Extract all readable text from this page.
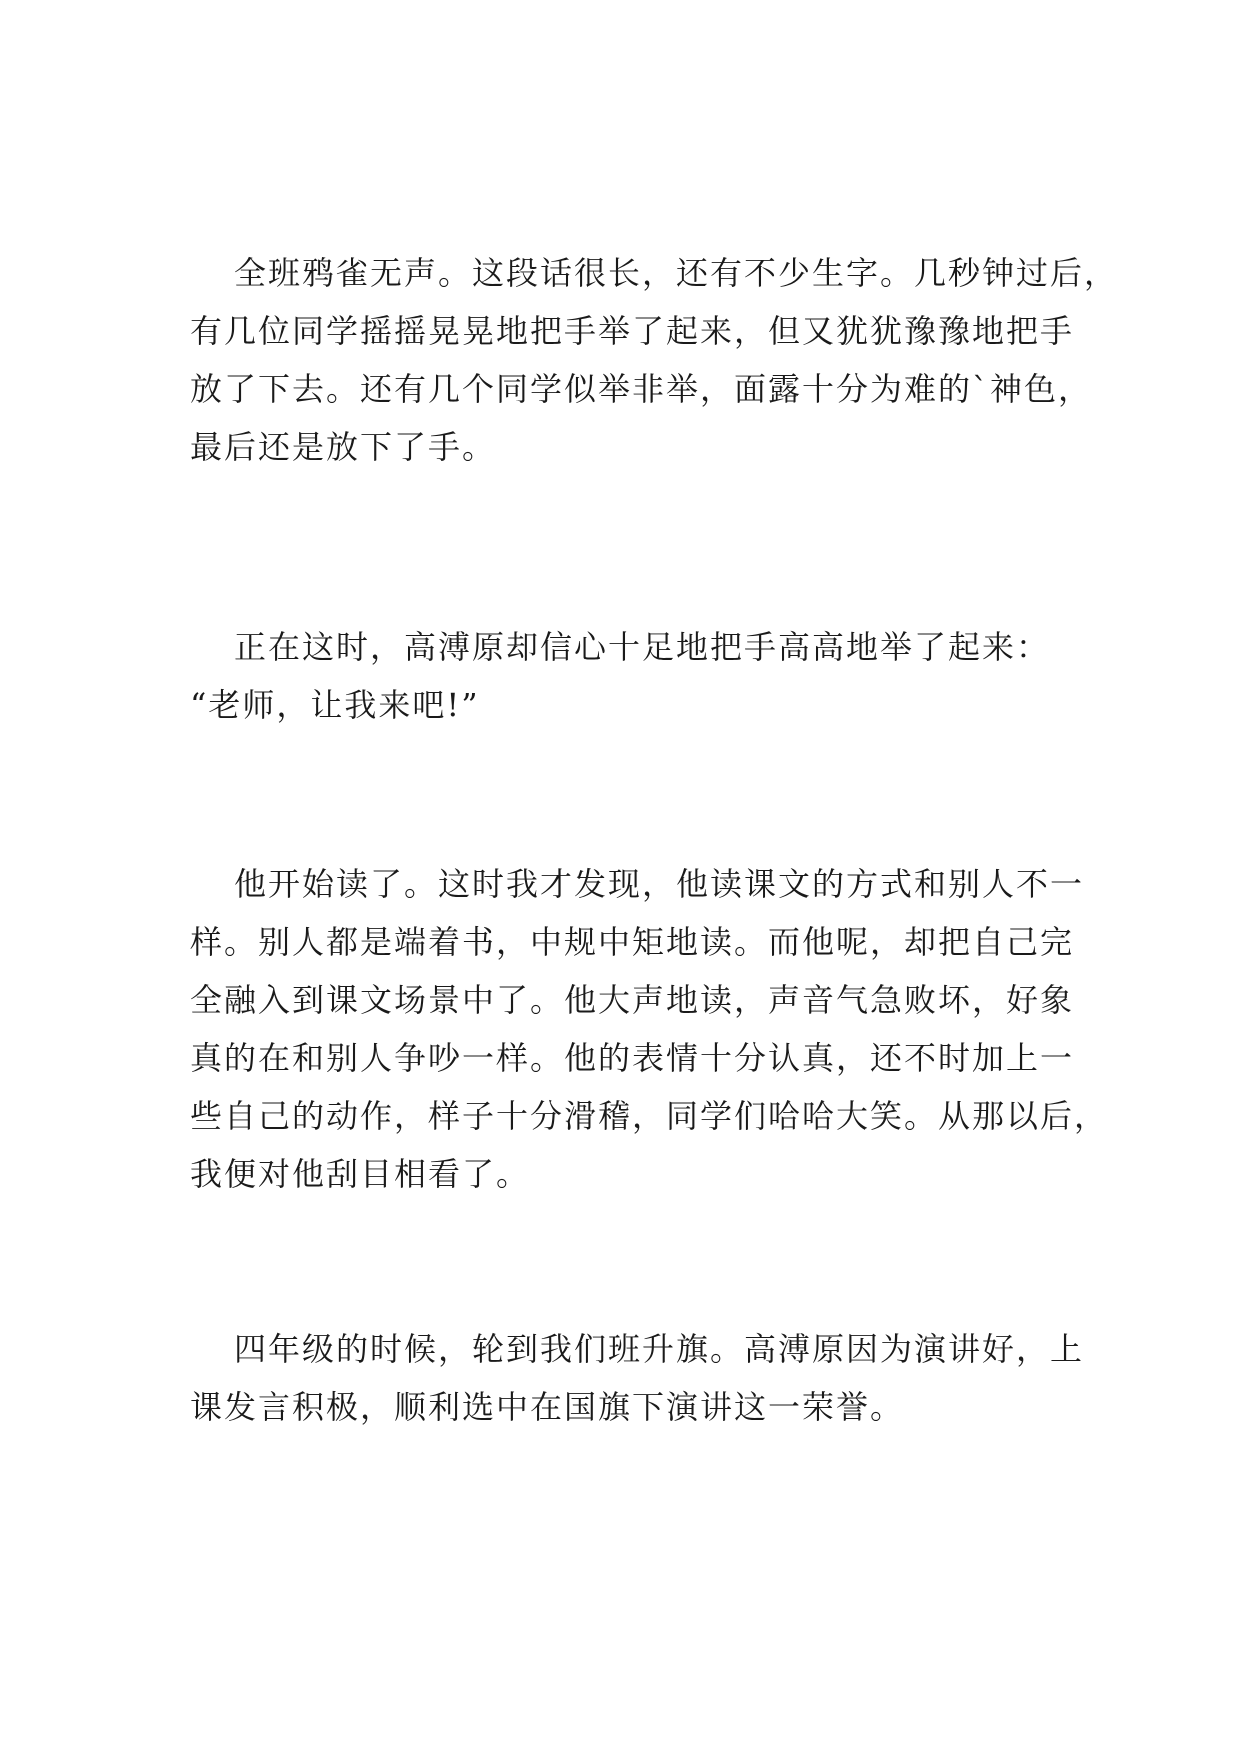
全班鸦雀无声。这段话很长，还有不少生字。几秒钟过后，
有几位同学摇摇晃晃地把手举了起来，但又犹犹豫豫地把手
放了下去。还有几个同学似举非举，面露十分为难的`神色，
最后还是放下了手。
正在这时，高溥原却信心十足地把手高高地举了起来：
“老师，让我来吧!”
他开始读了。这时我才发现，他读课文的方式和别人不一
样。别人都是端着书，中规中矩地读。而他呢，却把自己完
全融入到课文场景中了。他大声地读，声音气急败坏，好象
真的在和别人争吵一样。他的表情十分认真，还不时加上一
些自己的动作，样子十分滑稽，同学们哈哈大笑。从那以后，
我便对他刮目相看了。
四年级的时候，轮到我们班升旗。高溥原因为演讲好，上
课发言积极，顺利选中在国旗下演讲这一荣誉。
